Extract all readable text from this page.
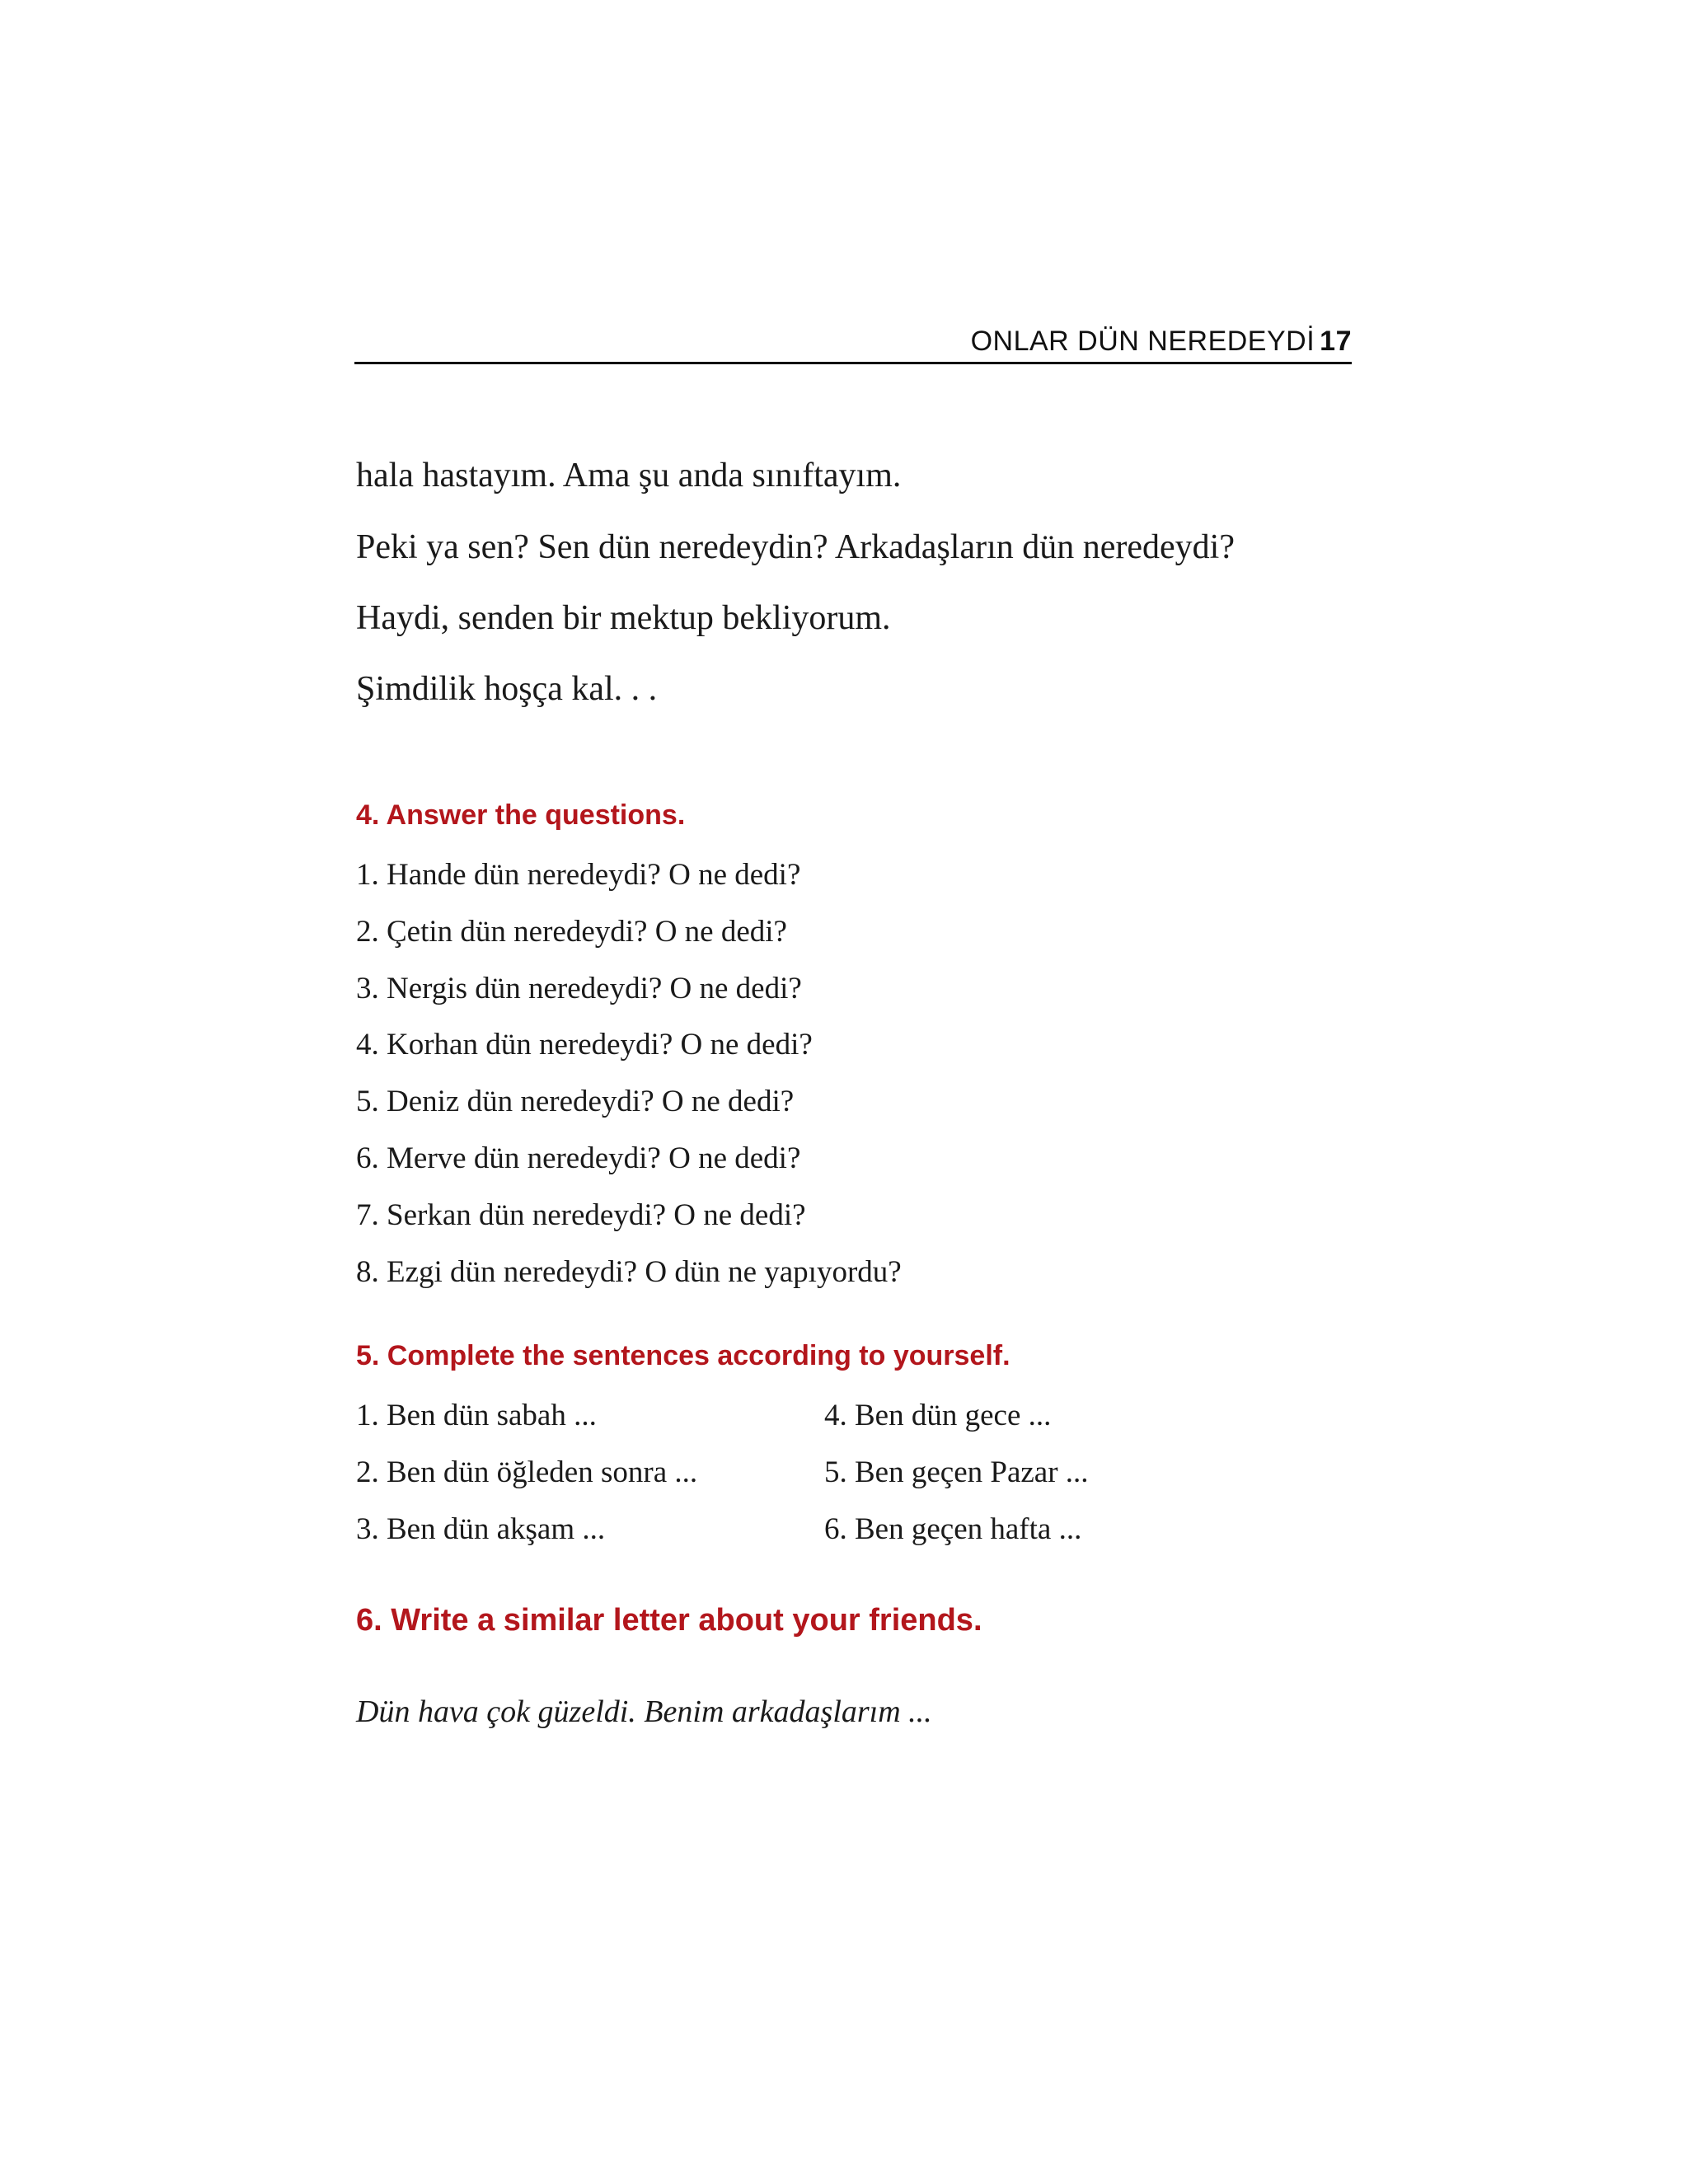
ONLAR DÜN NEREDEYDİ 17
hala hastayım. Ama şu anda sınıftayım.
Peki ya sen? Sen dün neredeydin? Arkadaşların dün neredeydi?
Haydi, senden bir mektup bekliyorum.
Şimdilik hoşça kal. . .
4. Answer the questions.
1. Hande dün neredeydi? O ne dedi?
2. Çetin dün neredeydi? O ne dedi?
3. Nergis dün neredeydi? O ne dedi?
4. Korhan dün neredeydi? O ne dedi?
5. Deniz dün neredeydi? O ne dedi?
6. Merve dün neredeydi? O ne dedi?
7. Serkan dün neredeydi? O ne dedi?
8. Ezgi dün neredeydi? O dün ne yapıyordu?
5. Complete the sentences according to yourself.
1. Ben dün sabah ...
2. Ben dün öğleden sonra ...
3. Ben dün akşam ...
4. Ben dün gece ...
5. Ben geçen Pazar ...
6. Ben geçen hafta ...
6. Write a similar letter about your friends.
Dün hava çok güzeldi. Benim arkadaşlarım ...
